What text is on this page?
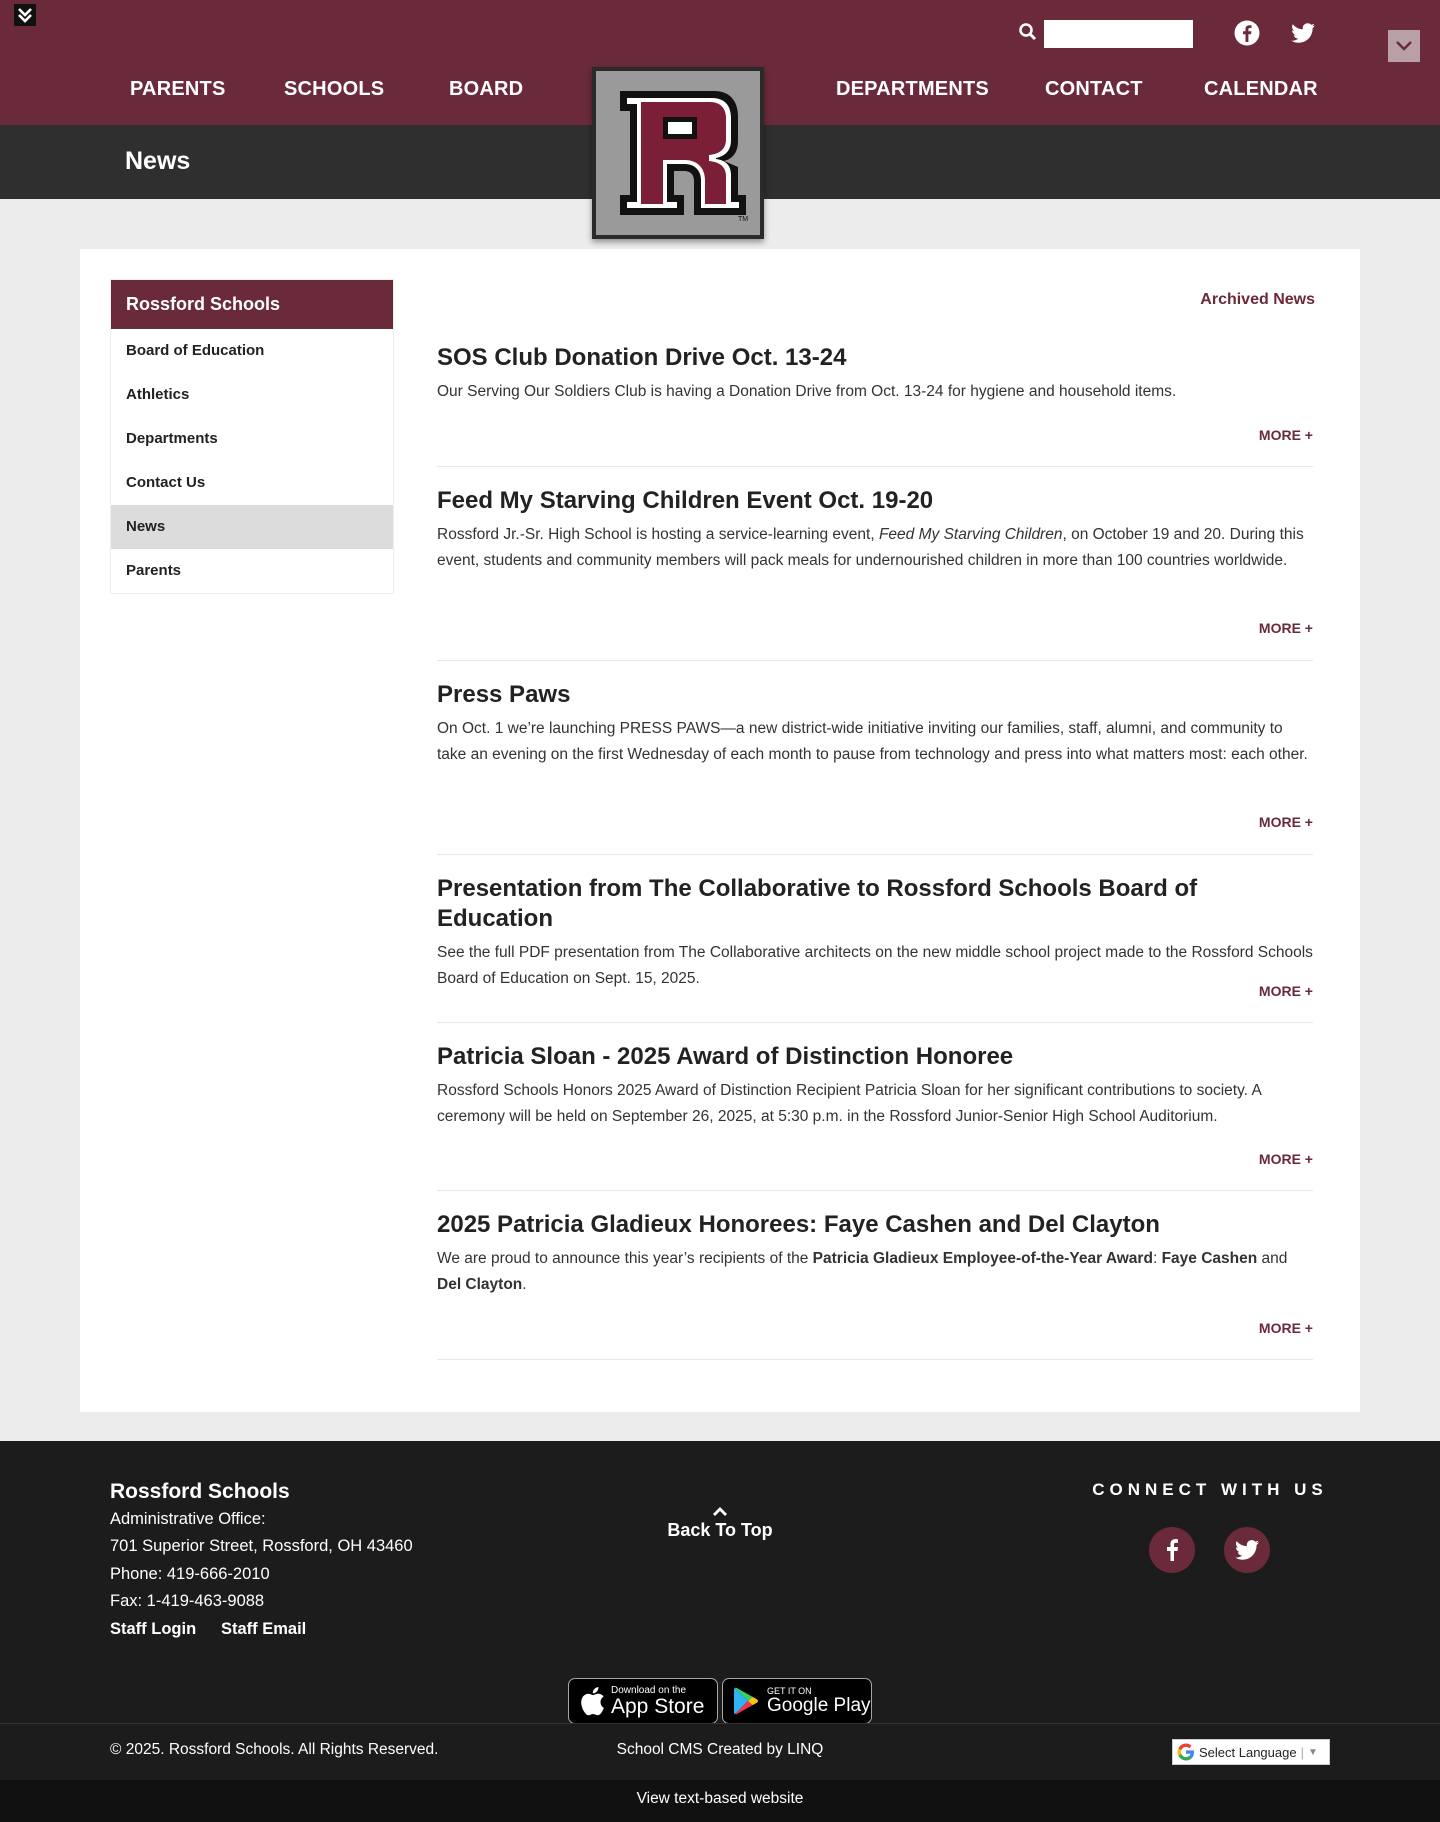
PARENTS	SCHOOLS	BOARD	DEPARTMENTS	CONTACT	CALENDAR
News
TM
Rossford Schools
Board of Education
Athletics
Departments
Contact Us
News
Parents
Archived News
SOS Club Donation Drive Oct. 13-24

Our Serving Our Soldiers Club is having a Donation Drive from Oct. 13-24 for hygiene and household items.

MORE +
Feed My Starving Children Event Oct. 19-20

Rossford Jr.-Sr. High School is hosting a service-learning event, Feed My Starving Children, on October 19 and 20. During this event, students and community members will pack meals for undernourished children in more than 100 countries worldwide.

MORE +
Press Paws

On Oct. 1 we’re launching PRESS PAWS—a new district-wide initiative inviting our families, staff, alumni, and community to take an evening on the first Wednesday of each month to pause from technology and press into what matters most: each other.

MORE +
Presentation from The Collaborative to Rossford Schools Board of Education

See the full PDF presentation from The Collaborative architects on the new middle school project made to the Rossford Schools Board of Education on Sept. 15, 2025.

MORE +
Patricia Sloan - 2025 Award of Distinction Honoree

Rossford Schools Honors 2025 Award of Distinction Recipient Patricia Sloan for her significant contributions to society. A ceremony will be held on September 26, 2025, at 5:30 p.m. in the Rossford Junior-Senior High School Auditorium.

MORE +
2025 Patricia Gladieux Honorees: Faye Cashen and Del Clayton

We are proud to announce this year’s recipients of the Patricia Gladieux Employee-of-the-Year Award: Faye Cashen and Del Clayton.

MORE +
Rossford Schools
Administrative Office:
701 Superior Street, Rossford, OH 43460
Phone: 419-666-2010
Fax: 1-419-463-9088
Staff Login Staff Email
Back To Top
CONNECT WITH US
Download on the
App Store
GET IT ON
Google Play
© 2025. Rossford Schools. All Rights Reserved.	School CMS Created by LINQ	Select Language | ▼
View text-based website
